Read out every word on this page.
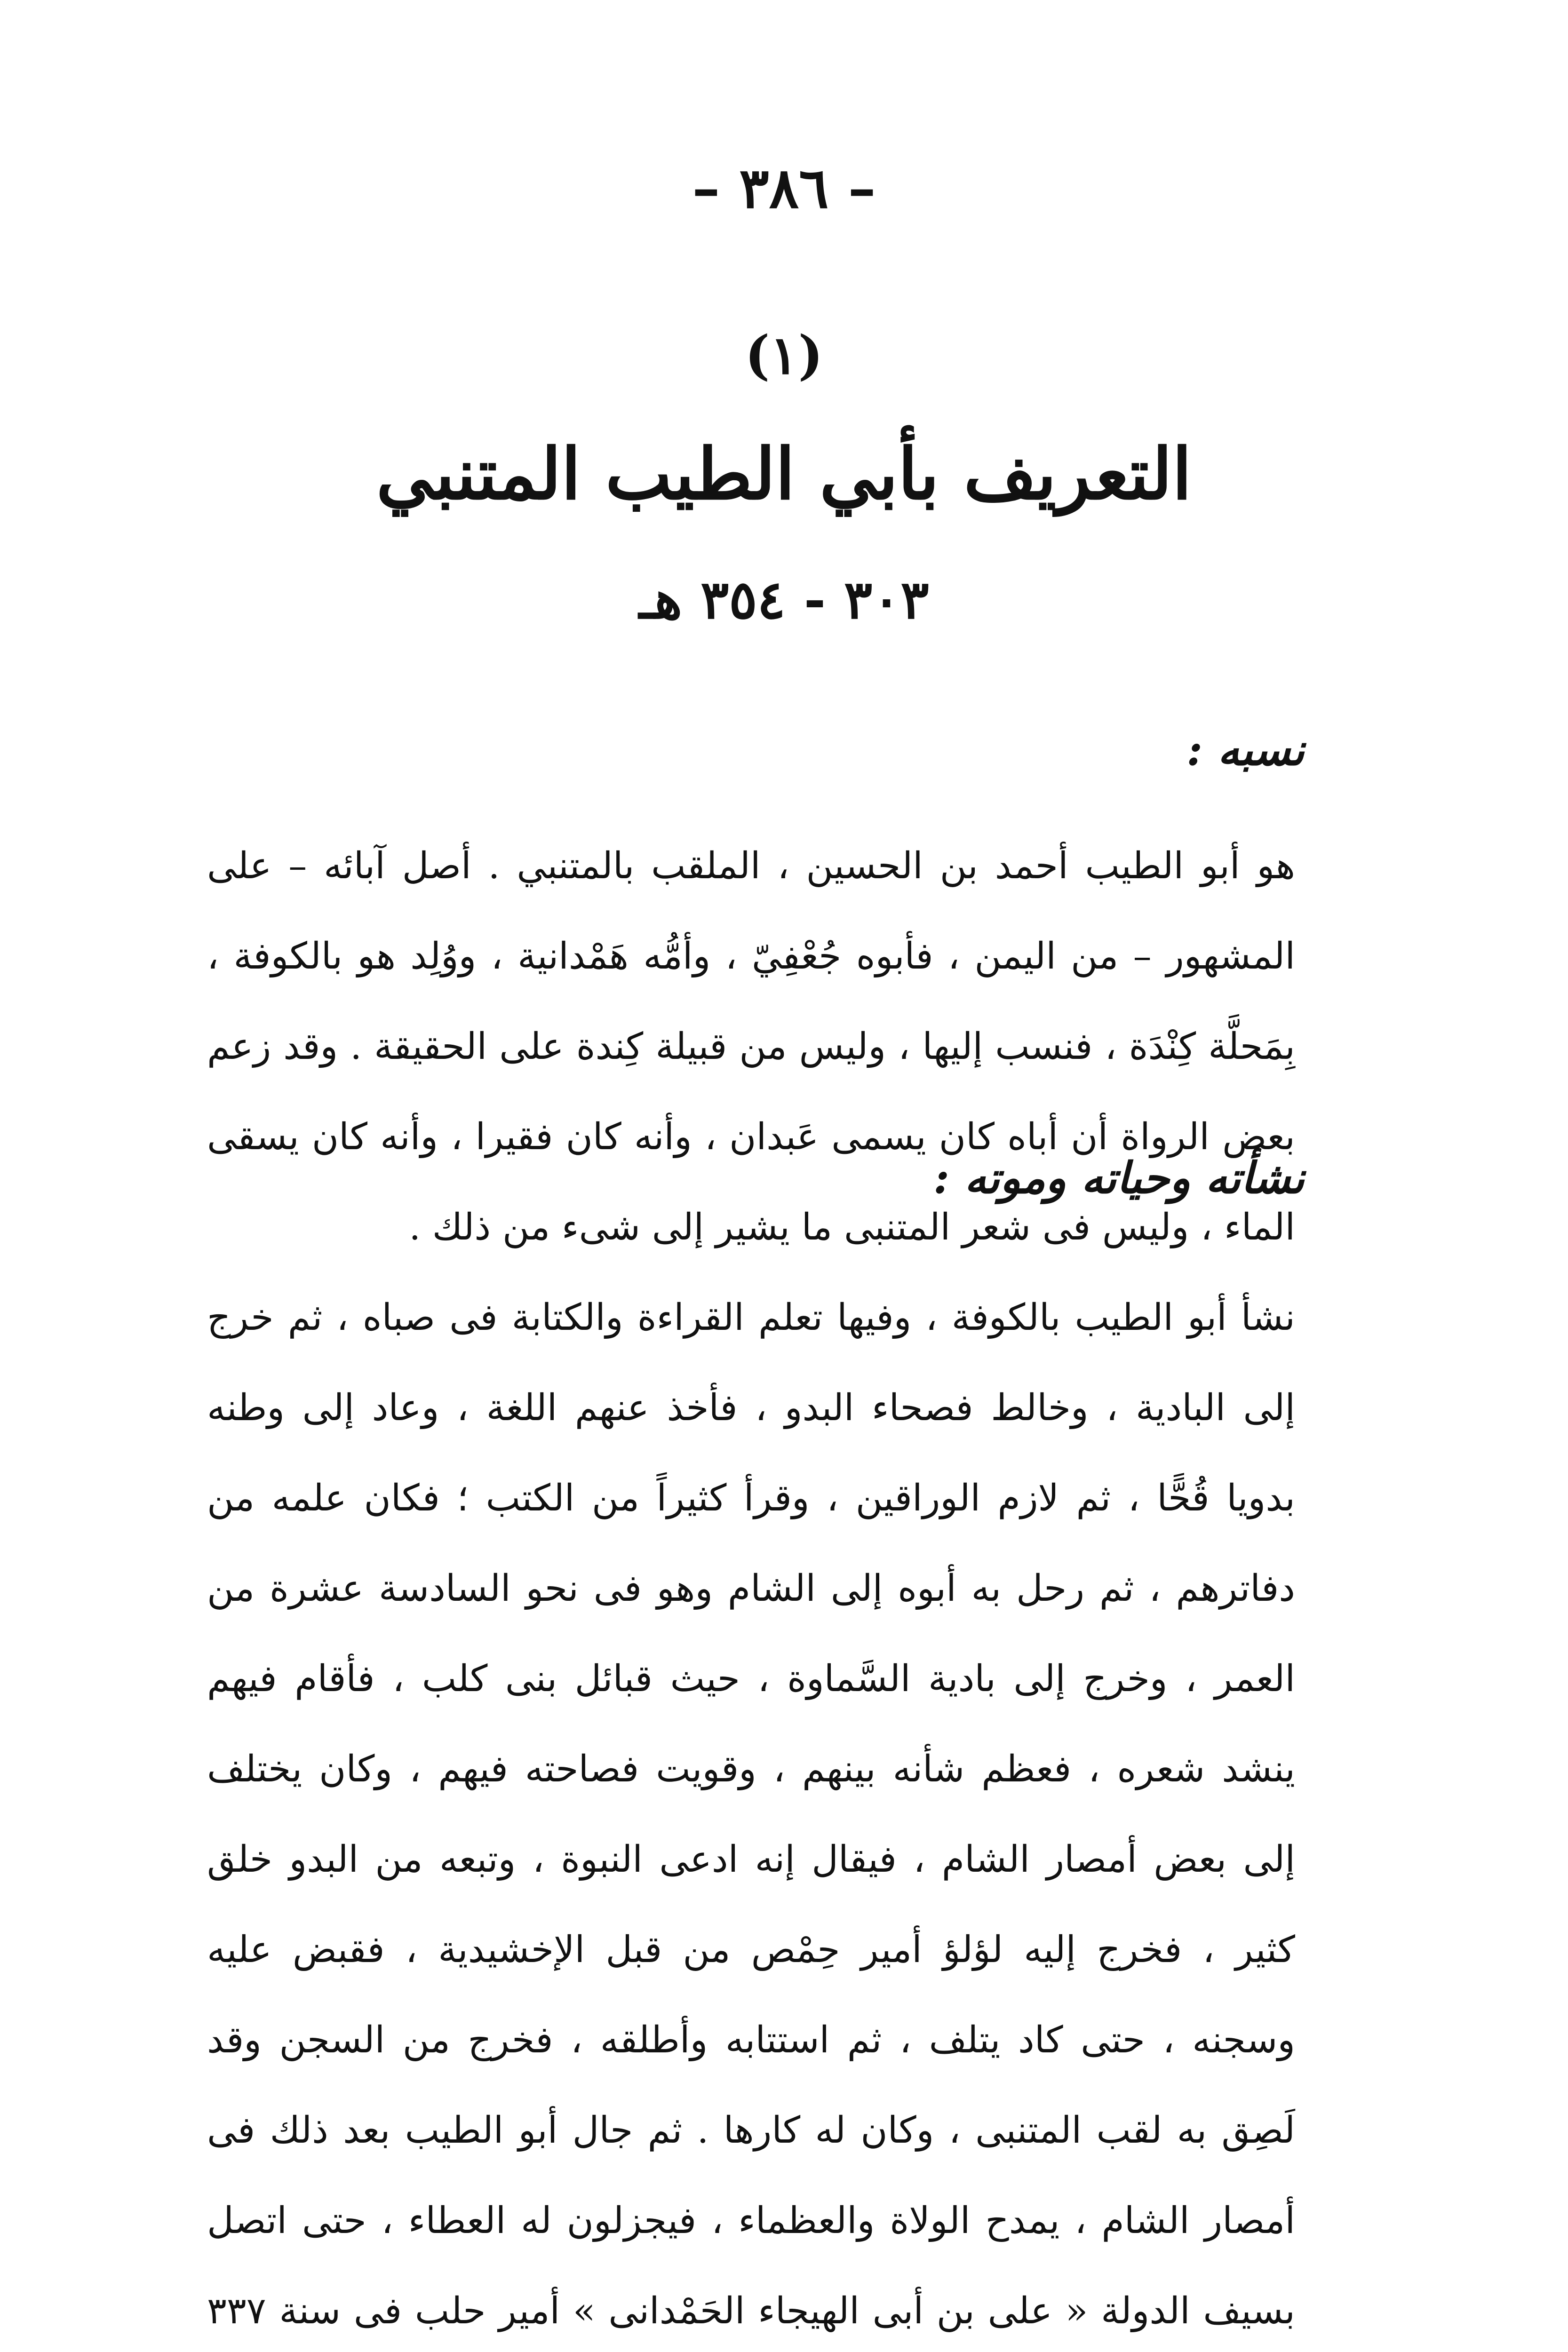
– ٣٨٦ –
(١)
التعريف بأبي الطيب المتنبي
٣٠٣ - ٣٥٤ هـ
نسبه :

هو أبو الطيب أحمد بن الحسين ، الملقب بالمتنبي . أصل آبائه – على المشهور – من اليمن ، فأبوه جُعْفِيّ ، وأمُّه هَمْدانية ، ووُلِد هو بالكوفة ، بِمَحلَّة كِنْدَة ، فنسب إليها ، وليس من قبيلة كِندة على الحقيقة . وقد زعم بعض الرواة أن أباه كان يسمى عَبدان ، وأنه كان فقيرا ، وأنه كان يسقى الماء ، وليس فى شعر المتنبى ما يشير إلى شىء من ذلك .

نشأته وحياته وموته :

نشأ أبو الطيب بالكوفة ، وفيها تعلم القراءة والكتابة فى صباه ، ثم خرج إلى البادية ، وخالط فصحاء البدو ، فأخذ عنهم اللغة ، وعاد إلى وطنه بدويا قُحًّا ، ثم لازم الوراقين ، وقرأ كثيراً من الكتب ؛ فكان علمه من دفاترهم ، ثم رحل به أبوه إلى الشام وهو فى نحو السادسة عشرة من العمر ، وخرج إلى بادية السَّماوة ، حيث قبائل بنى كلب ، فأقام فيهم ينشد شعره ، فعظم شأنه بينهم ، وقويت فصاحته فيهم ، وكان يختلف إلى بعض أمصار الشام ، فيقال إنه ادعى النبوة ، وتبعه من البدو خلق كثير ، فخرج إليه لؤلؤ أمير حِمْص من قبل الإخشيدية ، فقبض عليه وسجنه ، حتى كاد يتلف ، ثم استتابه وأطلقه ، فخرج من السجن وقد لَصِق به لقب المتنبى ، وكان له كارها . ثم جال أبو الطيب بعد ذلك فى أمصار الشام ، يمدح الولاة والعظماء ، فيجزلون له العطاء ، حتى اتصل بسيف الدولة « على بن أبى الهيجاء الحَمْدانى » أمير حلب فى سنة ٣٣٧
